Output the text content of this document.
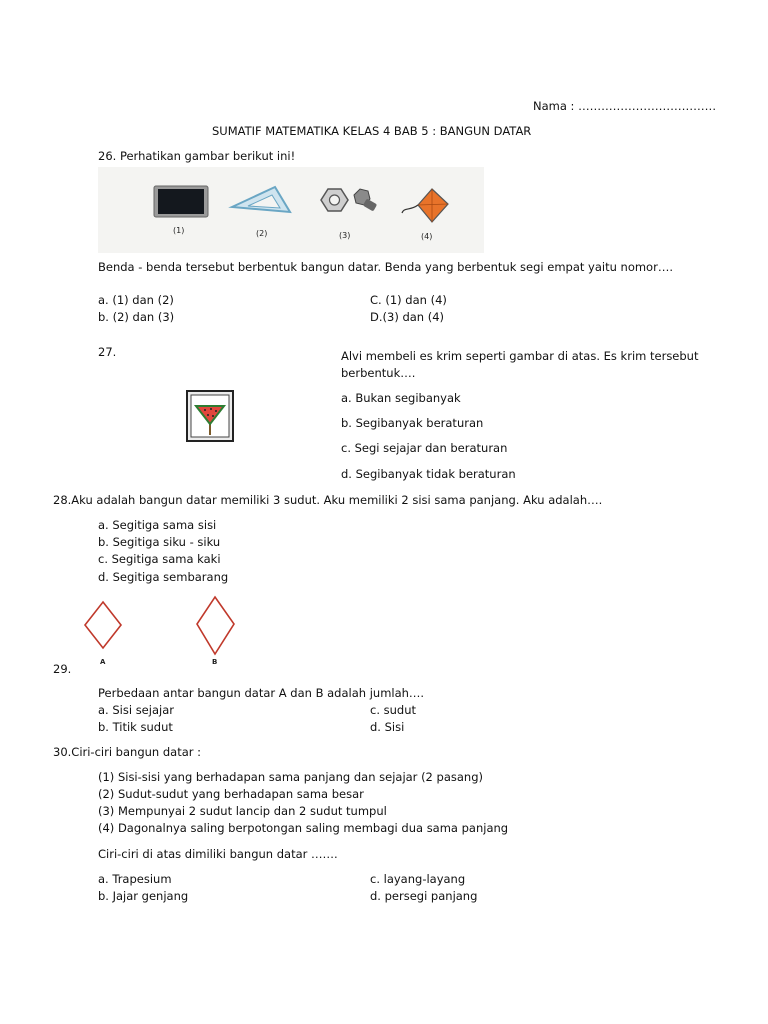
Nama : ………………………………
SUMATIF MATEMATIKA KELAS 4 BAB 5 : BANGUN DATAR
26. Perhatikan gambar berikut ini!
(1)	(2)	(3)	(4)
Benda - benda tersebut berbentuk bangun datar. Benda yang berbentuk segi empat yaitu nomor….
a. (1) dan (2)	C. (1) dan (4)
b. (2) dan (3)	D.(3) dan (4)
27.	Alvi membeli es krim seperti gambar di atas. Es krim tersebut
berbentuk….
a. Bukan segibanyak
b. Segibanyak beraturan
c. Segi sejajar dan beraturan
d. Segibanyak tidak beraturan
28.Aku adalah bangun datar memiliki 3 sudut. Aku memiliki 2 sisi sama panjang. Aku adalah….
a. Segitiga sama sisi
b. Segitiga siku - siku
c. Segitiga sama kaki
d. Segitiga sembarang
A	B
29.
Perbedaan antar bangun datar A dan B adalah jumlah….
a. Sisi sejajar	c. sudut
b. Titik sudut	d. Sisi
30.Ciri-ciri bangun datar :
(1) Sisi-sisi yang berhadapan sama panjang dan sejajar (2 pasang)
(2) Sudut-sudut yang berhadapan sama besar
(3) Mempunyai 2 sudut lancip dan 2 sudut tumpul
(4) Dagonalnya saling berpotongan saling membagi dua sama panjang
Ciri-ciri di atas dimiliki bangun datar …….
a. Trapesium	c. layang-layang
b. Jajar genjang	d. persegi panjang
